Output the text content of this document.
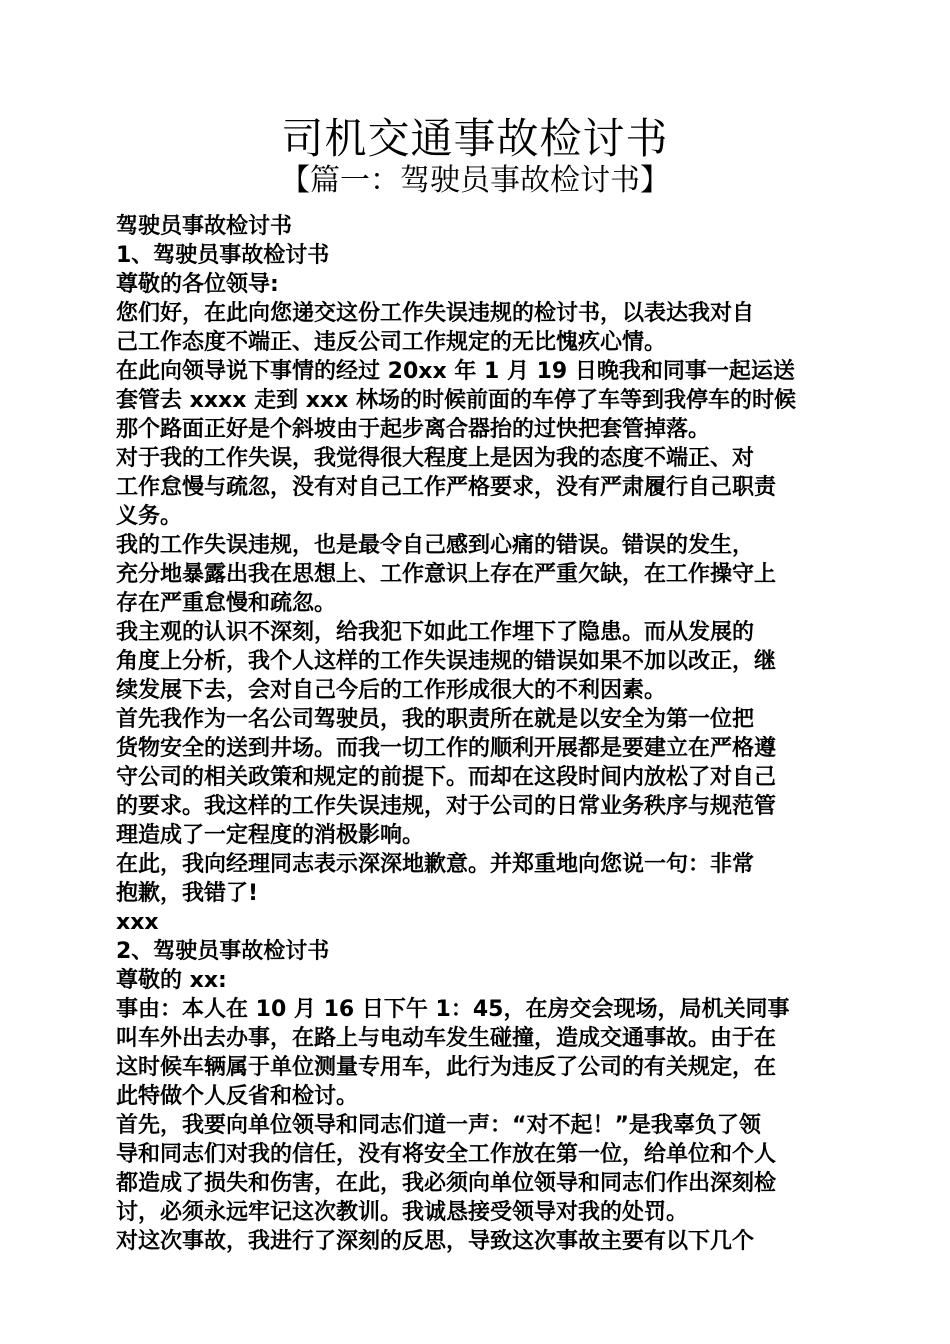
司机交通事故检讨书
【篇一：驾驶员事故检讨书】

驾驶员事故检讨书

1、驾驶员事故检讨书

尊敬的各位领导:

您们好，在此向您递交这份工作失误违规的检讨书，以表达我对自

己工作态度不端正、违反公司工作规定的无比愧疚心情。

在此向领导说下事情的经过 20xx 年 1 月 19 日晚我和同事一起运送

套管去 xxxx 走到 xxx 林场的时候前面的车停了车等到我停车的时候

那个路面正好是个斜坡由于起步离合器抬的过快把套管掉落。

对于我的工作失误，我觉得很大程度上是因为我的态度不端正、对

工作怠慢与疏忽，没有对自己工作严格要求，没有严肃履行自己职责

义务。

我的工作失误违规，也是最令自己感到心痛的错误。错误的发生，

充分地暴露出我在思想上、工作意识上存在严重欠缺，在工作操守上

存在严重怠慢和疏忽。

我主观的认识不深刻，给我犯下如此工作埋下了隐患。而从发展的

角度上分析，我个人这样的工作失误违规的错误如果不加以改正，继

续发展下去，会对自己今后的工作形成很大的不利因素。

首先我作为一名公司驾驶员，我的职责所在就是以安全为第一位把

货物安全的送到井场。而我一切工作的顺利开展都是要建立在严格遵

守公司的相关政策和规定的前提下。而却在这段时间内放松了对自己

的要求。我这样的工作失误违规，对于公司的日常业务秩序与规范管

理造成了一定程度的消极影响。

在此，我向经理同志表示深深地歉意。并郑重地向您说一句：非常

抱歉，我错了!

xxx

2、驾驶员事故检讨书

尊敬的 xx:

事由：本人在 10 月 16 日下午 1：45，在房交会现场，局机关同事

叫车外出去办事，在路上与电动车发生碰撞，造成交通事故。由于在

这时候车辆属于单位测量专用车，此行为违反了公司的有关规定，在

此特做个人反省和检讨。

首先，我要向单位领导和同志们道一声：“对不起！”是我辜负了领

导和同志们对我的信任，没有将安全工作放在第一位，给单位和个人

都造成了损失和伤害，在此，我必须向单位领导和同志们作出深刻检

讨，必须永远牢记这次教训。我诚恳接受领导对我的处罚。

对这次事故，我进行了深刻的反思，导致这次事故主要有以下几个
